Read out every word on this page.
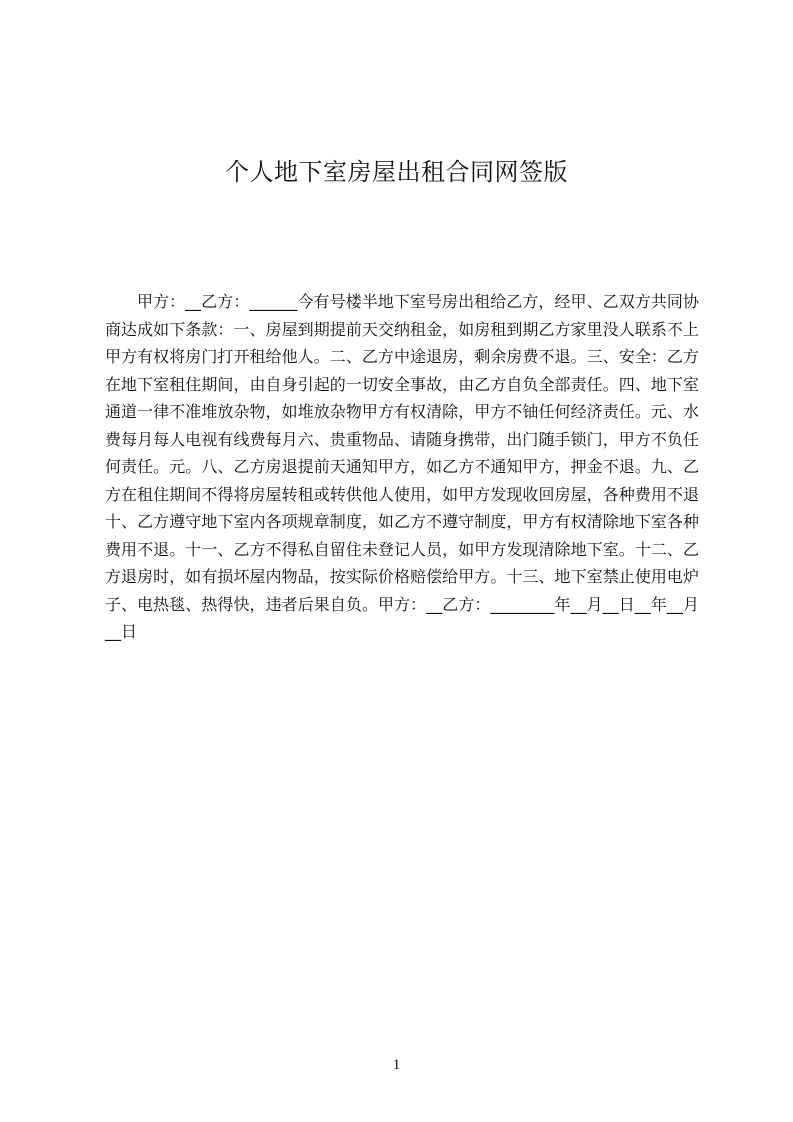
个人地下室房屋出租合同网签版

甲方：__乙方：______今有号楼半地下室号房出租给乙方，经甲、乙双方共同协商达成如下条款：一、房屋到期提前天交纳租金，如房租到期乙方家里没人联系不上甲方有权将房门打开租给他人。二、乙方中途退房，剩余房费不退。三、安全：乙方在地下室租住期间，由自身引起的一切安全事故，由乙方自负全部责任。四、地下室通道一律不准堆放杂物，如堆放杂物甲方有权清除，甲方不铀任何经济责任。元、水费每月每人电视有线费每月六、贵重物品、请随身携带，出门随手锁门，甲方不负任何责任。元。八、乙方房退提前天通知甲方，如乙方不通知甲方，押金不退。九、乙方在租住期间不得将房屋转租或转供他人使用，如甲方发现收回房屋，各种费用不退十、乙方遵守地下室内各项规章制度，如乙方不遵守制度，甲方有权清除地下室各种费用不退。十一、乙方不得私自留住未登记人员，如甲方发现清除地下室。十二、乙方退房时，如有损坏屋内物品，按实际价格赔偿给甲方。十三、地下室禁止使用电炉子、电热毯、热得快，违者后果自负。甲方：__乙方：________年__月__日__年__月__日

1
